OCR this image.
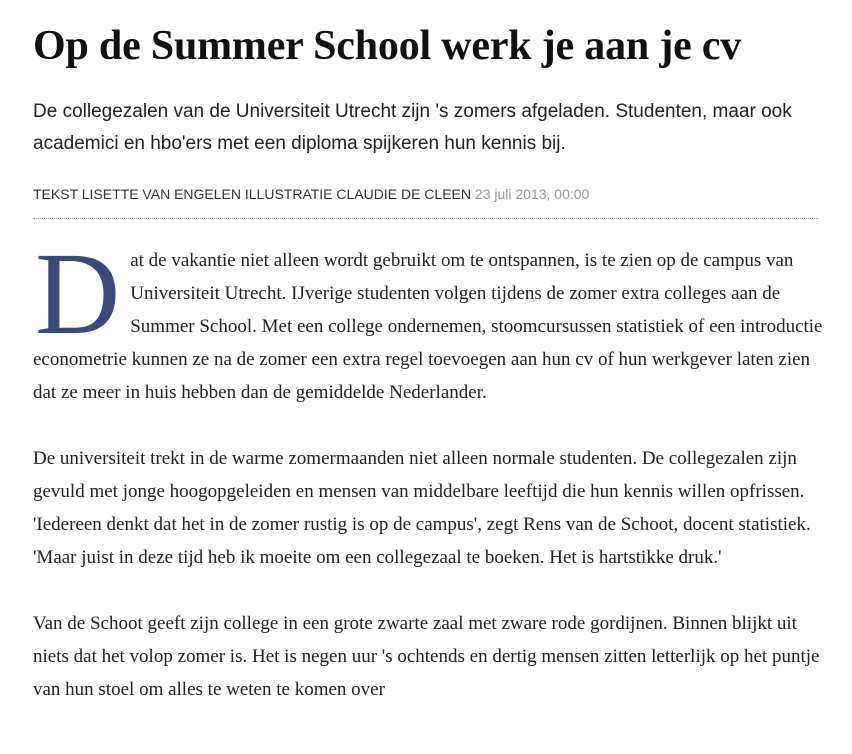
Op de Summer School werk je aan je cv

De collegezalen van de Universiteit Utrecht zijn 's zomers afgeladen. Studenten, maar ook academici en hbo'ers met een diploma spijkeren hun kennis bij.

TEKST LISETTE VAN ENGELEN ILLUSTRATIE CLAUDIE DE CLEEN 23 juli 2013, 00:00

Dat de vakantie niet alleen wordt gebruikt om te ontspannen, is te zien op de campus van Universiteit Utrecht. IJverige studenten volgen tijdens de zomer extra colleges aan de Summer School. Met een college ondernemen, stoomcursussen statistiek of een introductie econometrie kunnen ze na de zomer een extra regel toevoegen aan hun cv of hun werkgever laten zien dat ze meer in huis hebben dan de gemiddelde Nederlander.

De universiteit trekt in de warme zomermaanden niet alleen normale studenten. De collegezalen zijn gevuld met jonge hoogopgeleiden en mensen van middelbare leeftijd die hun kennis willen opfrissen. 'Iedereen denkt dat het in de zomer rustig is op de campus', zegt Rens van de Schoot, docent statistiek. 'Maar juist in deze tijd heb ik moeite om een collegezaal te boeken. Het is hartstikke druk.'

Van de Schoot geeft zijn college in een grote zwarte zaal met zware rode gordijnen. Binnen blijkt uit niets dat het volop zomer is. Het is negen uur 's ochtends en dertig mensen zitten letterlijk op het puntje van hun stoel om alles te weten te komen over
